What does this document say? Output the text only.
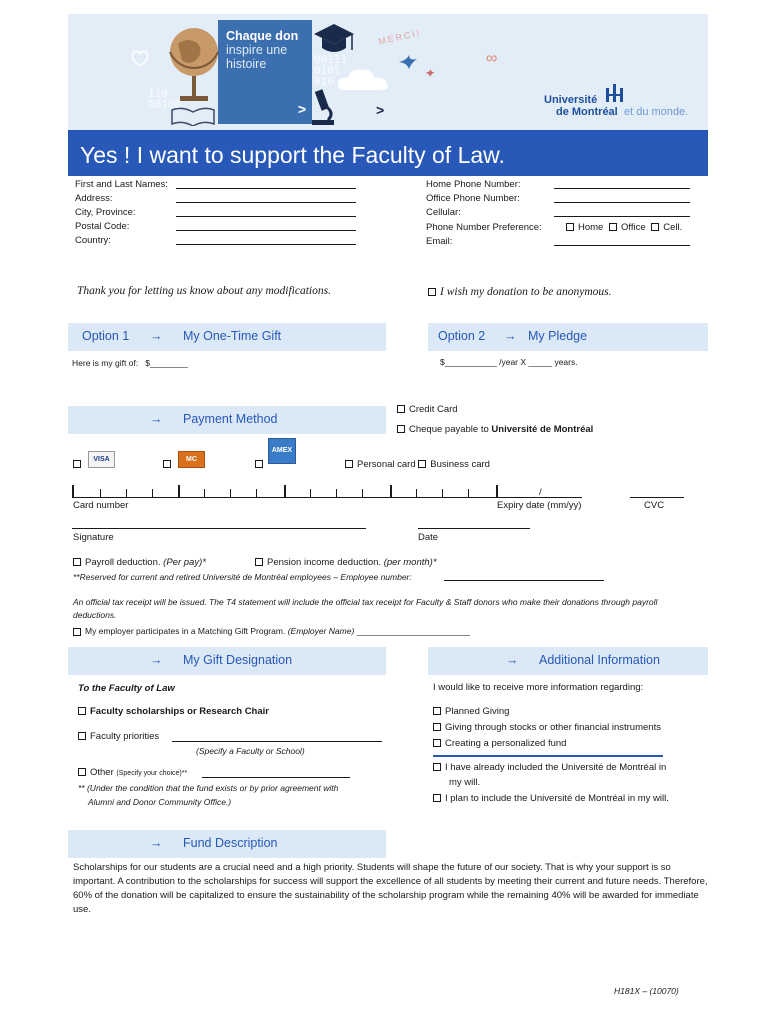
110
00100
00111
0101
010
Chaque don
inspire une
histoire
>
MERCI!
∞
>
Université
de Montréal et du monde.
Yes ! I want to support the Faculty of Law.
First and Last Names:
Address:
City, Province:
Postal Code:
Country:
Home Phone Number:
Office Phone Number:
Cellular:
Phone Number Preference:
Email:
Home Office Cell.
Thank you for letting us know about any modifications.	I wish my donation to be anonymous.
Option 1 → My One-Time Gift	Option 2 → My Pledge
Here is my gift of: $________	$___________ /year X _____ years.
→ Payment Method
Credit Card
Cheque payable to Université de Montréal
VISA	MC
AMEX
Personal card Business card
/
Card number	Expiry date (mm/yy)	CVC
Signature	Date
Payroll deduction. (Per pay)*	Pension income deduction. (per month)*
**Reserved for current and retired Université de Montréal employees – Employee number:
An official tax receipt will be issued. The T4 statement will include the official tax receipt for Faculty & Staff donors who make their donations through payroll deductions.
My employer participates in a Matching Gift Program. (Employer Name) ________________________
→ My Gift Designation	→ Additional Information
To the Faculty of Law
Faculty scholarships or Research Chair
Faculty priorities
(Specify a Faculty or School)
Other (Specify your choice)**
** (Under the condition that the fund exists or by prior agreement with
Alumni and Donor Community Office.)
I would like to receive more information regarding:
Planned Giving
Giving through stocks or other financial instruments
Creating a personalized fund
I have already included the Université de Montréal in
my will.
I plan to include the Université de Montréal in my will.
→ Fund Description
Scholarships for our students are a crucial need and a high priority. Students will shape the future of our society. That is why your support is so important. A contribution to the scholarships for success will support the excellence of all students by meeting their current and future needs. Therefore, 60% of the donation will be capitalized to ensure the sustainability of the scholarship program while the remaining 40% will be awarded for immediate use.
H181X – (10070)
